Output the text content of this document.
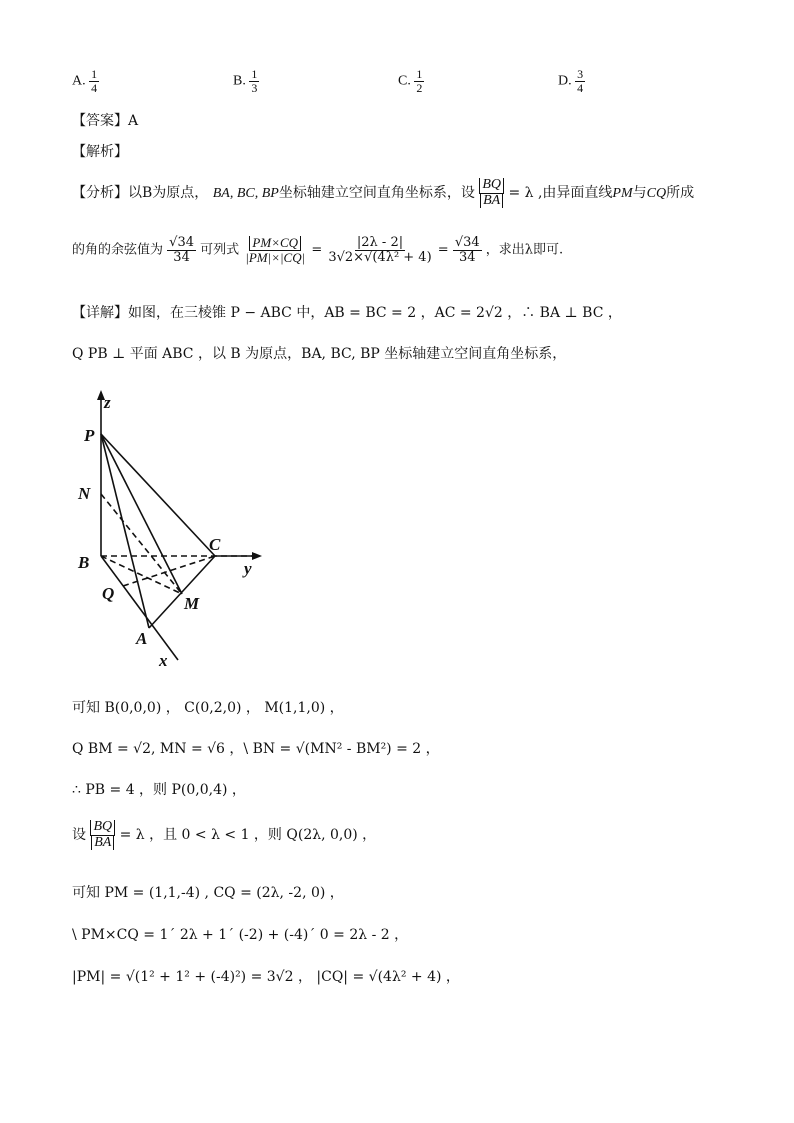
A. $\frac{1}{4}$	B. $\frac{1}{3}$	C. $\frac{1}{2}$	D. $\frac{3}{4}$
【答案】A
【解析】
【分析】以B为原点， BA, BC, BP坐标轴建立空间直角坐标系，设 $\frac{BQ}{BA} = \lambda$ ,由异面直线PM与CQ所成
的角的余弦值为 $\frac{√34}{34}$ 可列式 $\frac{PM\times CQ}{|PM|\times|CQ|} = \frac{|2\lambda - 2|}{\text{3√2×√(4λ² + 4)}} = \frac{√34}{34}$ ，求出λ即可.
【详解】如图，在三棱锥 P − ABC 中，AB = BC = 2 ，AC = 2√2 ，∴ BA ⊥ BC ，
Q PB ⊥ 平面 ABC ，以 B 为原点，BA, BC, BP 坐标轴建立空间直角坐标系，
z
P
N
B
C
y
Q
M
A
x
可知 B(0,0,0) ， C(0,2,0) ， M(1,1,0) ，
Q BM = √2, MN = √6 ，\ BN = √(MN² - BM²) = 2 ，
∴ PB = 4 ，则 P(0,0,4) ，
设 $\frac{BQ}{BA} = \lambda$ ，且 0 < λ < 1 ，则 Q(2λ, 0,0) ，
可知 PM = (1,1,-4) , CQ = (2λ, -2, 0) ，
\ PM×CQ = 1´ 2λ + 1´ (-2) + (-4)´ 0 = 2λ - 2 ，
|PM| = √(1² + 1² + (-4)²) = 3√2 ， |CQ| = √(4λ² + 4) ，
